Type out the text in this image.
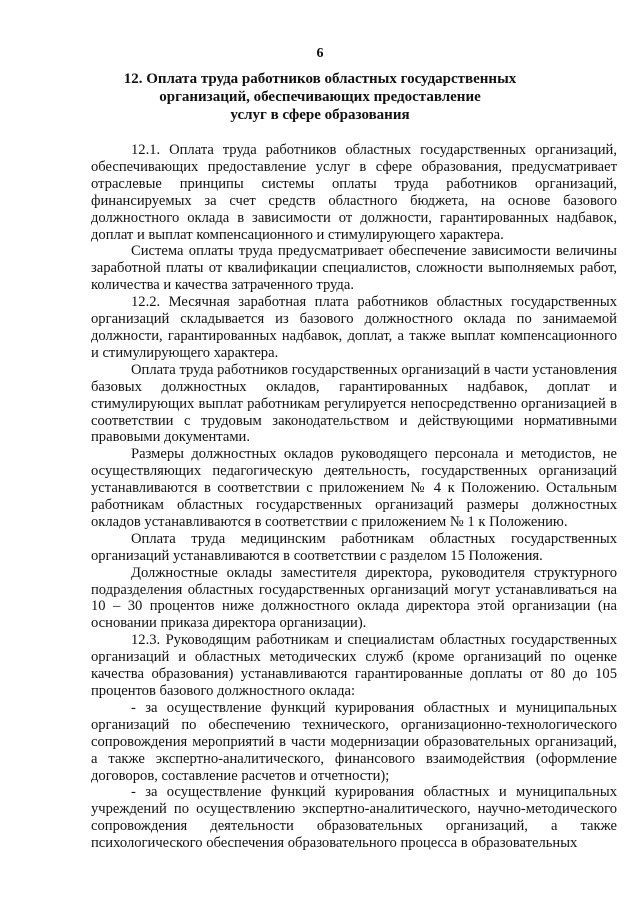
6
12. Оплата труда работников областных государственных
организаций, обеспечивающих предоставление
услуг в сфере образования

12.1. Оплата труда работников областных государственных организаций, обеспечивающих предоставление услуг в сфере образования, предусматривает отраслевые принципы системы оплаты труда работников организаций, финансируемых за счет средств областного бюджета, на основе базового должностного оклада в зависимости от должности, гарантированных надбавок, доплат и выплат компенсационного и стимулирующего характера.

Система оплаты труда предусматривает обеспечение зависимости величины заработной платы от квалификации специалистов, сложности выполняемых работ, количества и качества затраченного труда.

12.2. Месячная заработная плата работников областных государственных организаций складывается из базового должностного оклада по занимаемой должности, гарантированных надбавок, доплат, а также выплат компенсационного и стимулирующего характера.

Оплата труда работников государственных организаций в части установления базовых должностных окладов, гарантированных надбавок, доплат и стимулирующих выплат работникам регулируется непосредственно организацией в соответствии с трудовым законодательством и действующими нормативными правовыми документами.

Размеры должностных окладов руководящего персонала и методистов, не осуществляющих педагогическую деятельность, государственных организаций устанавливаются в соответствии с приложением № 4 к Положению. Остальным работникам областных государственных организаций размеры должностных окладов устанавливаются в соответствии с приложением № 1 к Положению.

Оплата труда медицинским работникам областных государственных организаций устанавливаются в соответствии с разделом 15 Положения.

Должностные оклады заместителя директора, руководителя структурного подразделения областных государственных организаций могут устанавливаться на 10 – 30 процентов ниже должностного оклада директора этой организации (на основании приказа директора организации).

12.3. Руководящим работникам и специалистам областных государственных организаций и областных методических служб (кроме организаций по оценке качества образования) устанавливаются гарантированные доплаты от 80 до 105 процентов базового должностного оклада:

- за осуществление функций курирования областных и муниципальных организаций по обеспечению технического, организационно-технологического сопровождения мероприятий в части модернизации образовательных организаций, а также экспертно-аналитического, финансового взаимодействия (оформление договоров, составление расчетов и отчетности);

- за осуществление функций курирования областных и муниципальных учреждений по осуществлению экспертно-аналитического, научно-методического сопровождения деятельности образовательных организаций, а также психологического обеспечения образовательного процесса в образовательных
